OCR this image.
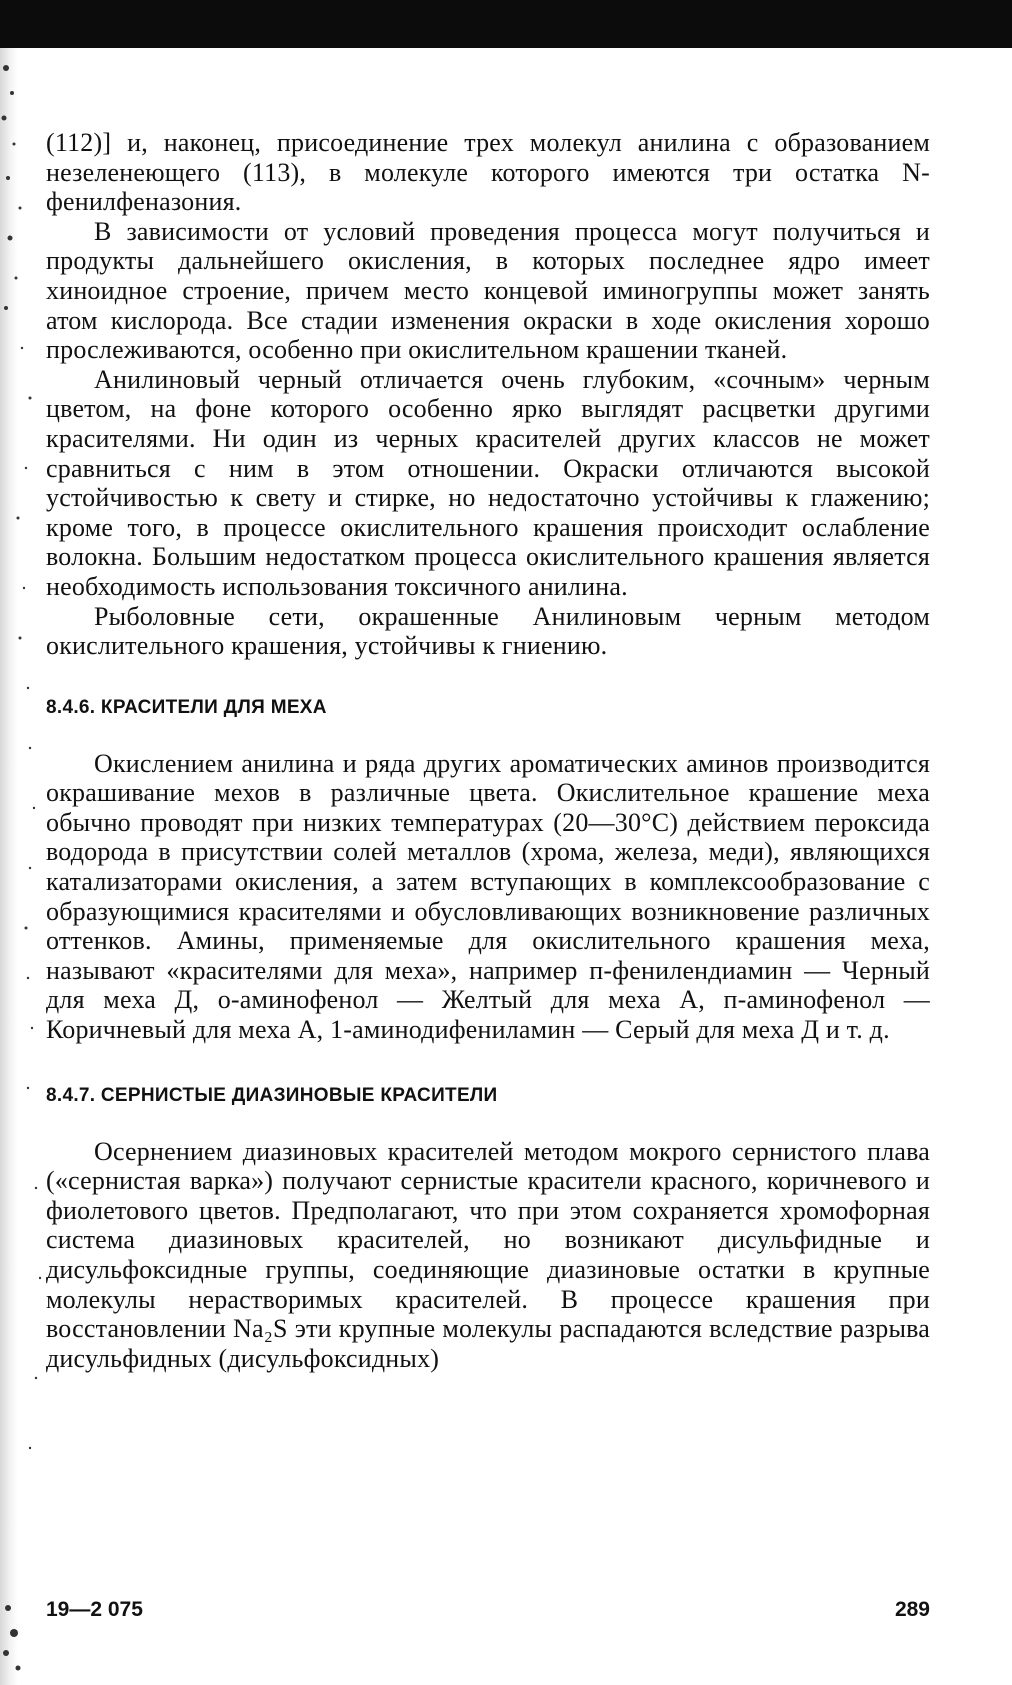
(112)] и, наконец, присоединение трех молекул анилина с образованием незеленеющего (113), в молекуле которого имеются три остатка N-фенилфеназония.

В зависимости от условий проведения процесса могут получиться и продукты дальнейшего окисления, в которых последнее ядро имеет хиноидное строение, причем место концевой иминогруппы может занять атом кислорода. Все стадии изменения окраски в ходе окисления хорошо прослеживаются, особенно при окислительном крашении тканей.

Анилиновый черный отличается очень глубоким, «сочным» черным цветом, на фоне которого особенно ярко выглядят расцветки другими красителями. Ни один из черных красителей других классов не может сравниться с ним в этом отношении. Окраски отличаются высокой устойчивостью к свету и стирке, но недостаточно устойчивы к глажению; кроме того, в процессе окислительного крашения происходит ослабление волокна. Большим недостатком процесса окислительного крашения является необходимость использования токсичного анилина.

Рыболовные сети, окрашенные Анилиновым черным методом окислительного крашения, устойчивы к гниению.

8.4.6. КРАСИТЕЛИ ДЛЯ МЕХА

Окислением анилина и ряда других ароматических аминов производится окрашивание мехов в различные цвета. Окислительное крашение меха обычно проводят при низких температурах (20—30°С) действием пероксида водорода в присутствии солей металлов (хрома, железа, меди), являющихся катализаторами окисления, а затем вступающих в комплексообразование с образующимися красителями и обусловливающих возникновение различных оттенков. Амины, применяемые для окислительного крашения меха, называют «красителями для меха», например п-фенилендиамин — Черный для меха Д, о-аминофенол — Желтый для меха А, п-аминофенол — Коричневый для меха А, 1-аминодифениламин — Серый для меха Д и т. д.

8.4.7. СЕРНИСТЫЕ ДИАЗИНОВЫЕ КРАСИТЕЛИ

Осернением диазиновых красителей методом мокрого сернистого плава («сернистая варка») получают сернистые красители красного, коричневого и фиолетового цветов. Предполагают, что при этом сохраняется хромофорная система диазиновых красителей, но возникают дисульфидные и дисульфоксидные группы, соединяющие диазиновые остатки в крупные молекулы нерастворимых красителей. В процессе крашения при восстановлении Na₂S эти крупные молекулы распадаются вследствие разрыва дисульфидных (дисульфоксидных)

19—2 075	289
